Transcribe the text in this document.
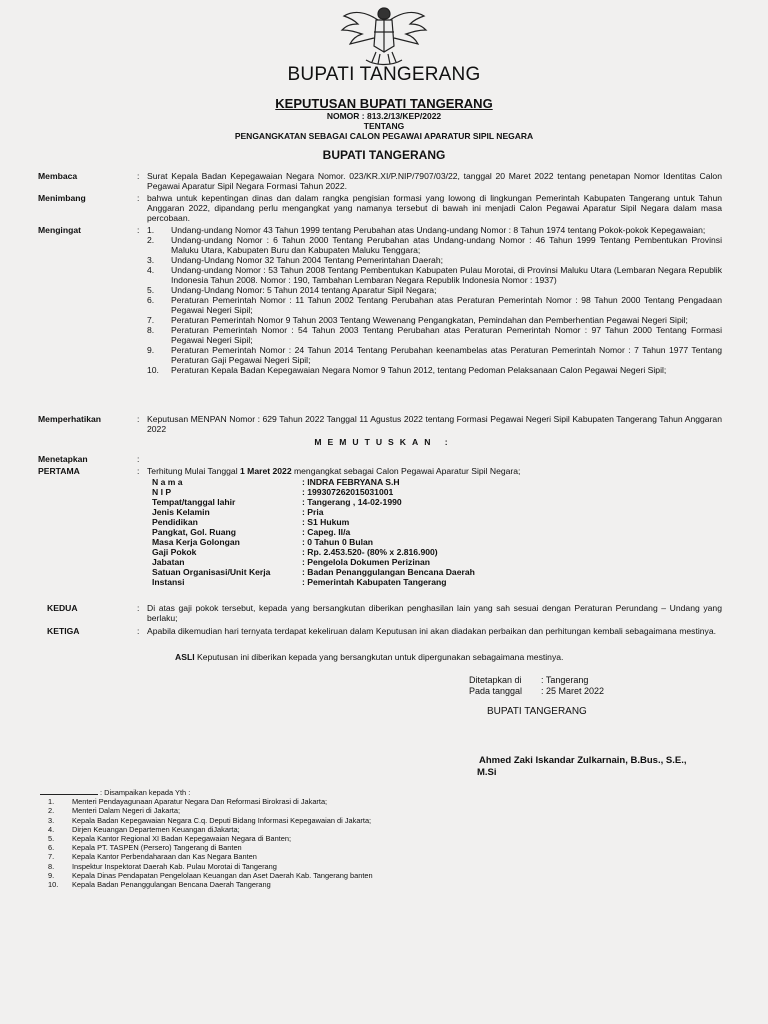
BUPATI TANGERANG
KEPUTUSAN BUPATI TANGERANG
NOMOR : 813.2/13/KEP/2022
TENTANG
PENGANGKATAN SEBAGAI CALON PEGAWAI APARATUR SIPIL NEGARA
BUPATI TANGERANG
Membaca	: Surat Kepala Badan Kepegawaian Negara Nomor. 023/KR.XI/P.NIP/7907/03/22, tanggal 20 Maret 2022 tentang penetapan Nomor Identitas Calon Pegawai Aparatur Sipil Negara Formasi Tahun 2022.
Menimbang	: bahwa untuk kepentingan dinas dan dalam rangka pengisian formasi yang lowong di lingkungan Pemerintah Kabupaten Tangerang untuk Tahun Anggaran 2022, dipandang perlu mengangkat yang namanya tersebut di bawah ini menjadi Calon Pegawai Aparatur Sipil Negara dalam masa percobaan.
Mengingat	: 1. Undang-undang Nomor 43 Tahun 1999 tentang Perubahan atas Undang-undang Nomor : 8 Tahun 1974 tentang Pokok-pokok Kepegawaian;
2. Undang-undang Nomor : 6 Tahun 2000 Tentang Perubahan atas Undang-undang Nomor : 46 Tahun 1999 Tentang Pembentukan Provinsi Maluku Utara, Kabupaten Buru dan Kabupaten Maluku Tenggara;
3. Undang-Undang Nomor 32 Tahun 2004 Tentang Pemerintahan Daerah;
4. Undang-undang Nomor : 53 Tahun 2008 Tentang Pembentukan Kabupaten Pulau Morotai, di Provinsi Maluku Utara (Lembaran Negara Republik Indonesia Tahun 2008. Nomor : 190, Tambahan Lembaran Negara Republik Indonesia Nomor : 1937)
5. Undang-Undang Nomor: 5 Tahun 2014 tentang Aparatur Sipil Negara;
6. Peraturan Pemerintah Nomor : 11 Tahun 2002 Tentang Perubahan atas Peraturan Pemerintah Nomor : 98 Tahun 2000 Tentang Pengadaan Pegawai Negeri Sipil;
7. Peraturan Pemerintah Nomor 9 Tahun 2003 Tentang Wewenang Pengangkatan, Pemindahan dan Pemberhentian Pegawai Negeri Sipil;
8. Peraturan Pemerintah Nomor : 54 Tahun 2003 Tentang Perubahan atas Peraturan Pemerintah Nomor : 97 Tahun 2000 Tentang Formasi Pegawai Negeri Sipil;
9. Peraturan Pemerintah Nomor : 24 Tahun 2014 Tentang Perubahan keenambelas atas Peraturan Pemerintah Nomor : 7 Tahun 1977 Tentang Peraturan Gaji Pegawai Negeri Sipil;
10. Peraturan Kepala Badan Kepegawaian Negara Nomor 9 Tahun 2012, tentang Pedoman Pelaksanaan Calon Pegawai Negeri Sipil;
Memperhatikan	: Keputusan MENPAN Nomor : 629 Tahun 2022 Tanggal 11 Agustus 2022 tentang Formasi Pegawai Negeri Sipil Kabupaten Tangerang Tahun Anggaran 2022
MEMUTUSKAN :
Menetapkan	:
PERTAMA	: Terhitung Mulai Tanggal 1 Maret 2022 mengangkat sebagai Calon Pegawai Aparatur Sipil Negara;
N a m a	: INDRA FEBRYANA S.H
N I P	: 199307262015031001
Tempat/tanggal lahir	: Tangerang , 14-02-1990
Jenis Kelamin	: Pria
Pendidikan	: S1 Hukum
Pangkat, Gol. Ruang	: Capeg. II/a
Masa Kerja Golongan	: 0 Tahun 0 Bulan
Gaji Pokok	: Rp. 2.453.520- (80% x 2.816.900)
Jabatan	: Pengelola Dokumen Perizinan
Satuan Organisasi/Unit Kerja	: Badan Penanggulangan Bencana Daerah
Instansi	: Pemerintah Kabupaten Tangerang
KEDUA	: Di atas gaji pokok tersebut, kepada yang bersangkutan diberikan penghasilan lain yang sah sesuai dengan Peraturan Perundang – Undang yang berlaku;
KETIGA	: Apabila dikemudian hari ternyata terdapat kekeliruan dalam Keputusan ini akan diadakan perbaikan dan perhitungan kembali sebagaimana mestinya.
ASLI Keputusan ini diberikan kepada yang bersangkutan untuk dipergunakan sebagaimana mestinya.
Ditetapkan di : Tangerang
Pada tanggal : 25 Maret 2022
BUPATI TANGERANG
Ahmed Zaki Iskandar Zulkarnain, B.Bus., S.E.,
M.Si
: Disampaikan kepada Yth :
1. Menteri Pendayagunaan Aparatur Negara Dan Reformasi Birokrasi di Jakarta;
2. Menteri Dalam Negeri di Jakarta;
3. Kepala Badan Kepegawaian Negara C.q. Deputi Bidang Informasi Kepegawaian di Jakarta;
4. Dirjen Keuangan Departemen Keuangan diJakarta;
5. Kepala Kantor Regional XI Badan Kepegawaian Negara di Banten;
6. Kepala PT. TASPEN (Persero) Tangerang di Banten
7. Kepala Kantor Perbendaharaan dan Kas Negara Banten
8. Inspektur Inspektorat Daerah Kab. Pulau Morotai di Tangerang
9. Kepala Dinas Pendapatan Pengelolaan Keuangan dan Aset Daerah Kab. Tangerang banten
10. Kepala Badan Penanggulangan Bencana Daerah Tangerang
